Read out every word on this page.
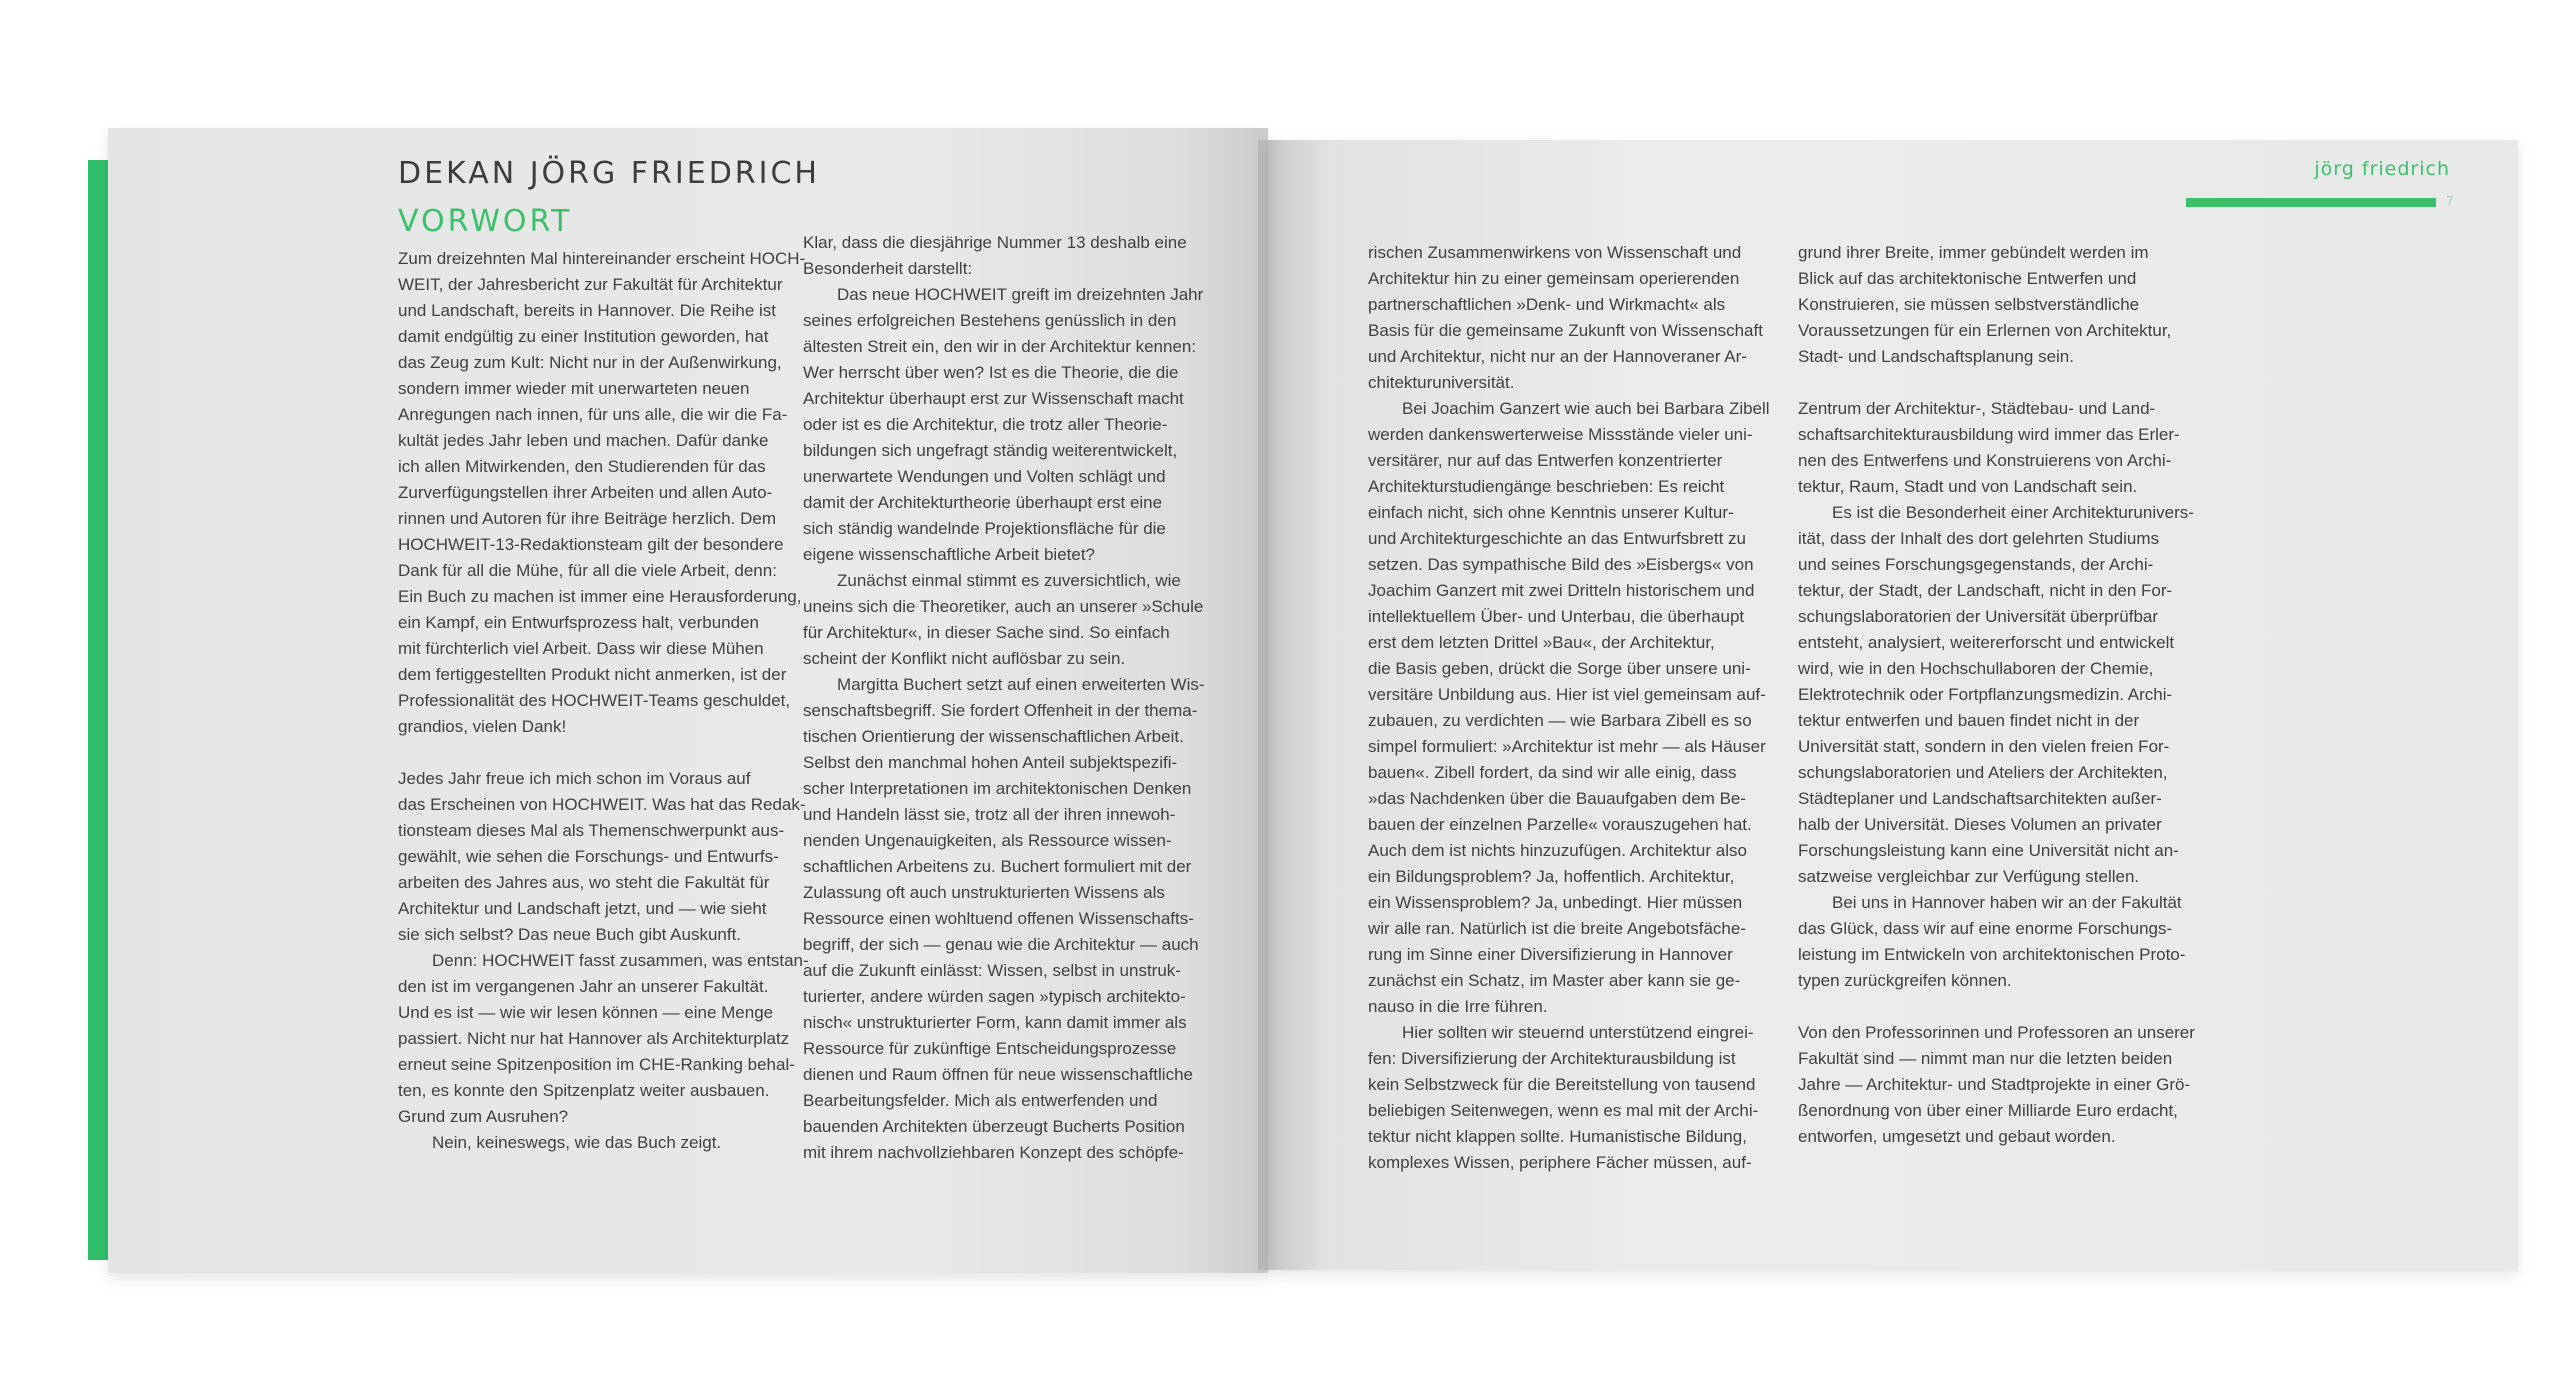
DEKAN JÖRG FRIEDRICH
VORWORT
Zum dreizehnten Mal hintereinander erscheint HOCH-
WEIT, der Jahresbericht zur Fakultät für Architektur
und Landschaft, bereits in Hannover. Die Reihe ist
damit endgültig zu einer Institution geworden, hat
das Zeug zum Kult: Nicht nur in der Außenwirkung,
sondern immer wieder mit unerwarteten neuen
Anregungen nach innen, für uns alle, die wir die Fa-
kultät jedes Jahr leben und machen. Dafür danke
ich allen Mitwirkenden, den Studierenden für das
Zurverfügungstellen ihrer Arbeiten und allen Auto-
rinnen und Autoren für ihre Beiträge herzlich. Dem
HOCHWEIT-13-Redaktionsteam gilt der besondere
Dank für all die Mühe, für all die viele Arbeit, denn:
Ein Buch zu machen ist immer eine Herausforderung,
ein Kampf, ein Entwurfsprozess halt, verbunden
mit fürchterlich viel Arbeit. Dass wir diese Mühen
dem fertiggestellten Produkt nicht anmerken, ist der
Professionalität des HOCHWEIT-Teams geschuldet,
grandios, vielen Dank!
Jedes Jahr freue ich mich schon im Voraus auf
das Erscheinen von HOCHWEIT. Was hat das Redak-
tionsteam dieses Mal als Themenschwerpunkt aus-
gewählt, wie sehen die Forschungs- und Entwurfs-
arbeiten des Jahres aus, wo steht die Fakultät für
Architektur und Landschaft jetzt, und — wie sieht
sie sich selbst? Das neue Buch gibt Auskunft.
  Denn: HOCHWEIT fasst zusammen, was entstan-
den ist im vergangenen Jahr an unserer Fakultät.
Und es ist — wie wir lesen können — eine Menge
passiert. Nicht nur hat Hannover als Architekturplatz
erneut seine Spitzenposition im CHE-Ranking behal-
ten, es konnte den Spitzenplatz weiter ausbauen.
Grund zum Ausruhen?
  Nein, keineswegs, wie das Buch zeigt.
Klar, dass die diesjährige Nummer 13 deshalb eine
Besonderheit darstellt:
  Das neue HOCHWEIT greift im dreizehnten Jahr
seines erfolgreichen Bestehens genüsslich in den
ältesten Streit ein, den wir in der Architektur kennen:
Wer herrscht über wen? Ist es die Theorie, die die
Architektur überhaupt erst zur Wissenschaft macht
oder ist es die Architektur, die trotz aller Theorie-
bildungen sich ungefragt ständig weiterentwickelt,
unerwartete Wendungen und Volten schlägt und
damit der Architekturtheorie überhaupt erst eine
sich ständig wandelnde Projektionsfläche für die
eigene wissenschaftliche Arbeit bietet?
  Zunächst einmal stimmt es zuversichtlich, wie
uneins sich die Theoretiker, auch an unserer »Schule
für Architektur«, in dieser Sache sind. So einfach
scheint der Konflikt nicht auflösbar zu sein.
  Margitta Buchert setzt auf einen erweiterten Wis-
senschaftsbegriff. Sie fordert Offenheit in der thema-
tischen Orientierung der wissenschaftlichen Arbeit.
Selbst den manchmal hohen Anteil subjektspezifi-
scher Interpretationen im architektonischen Denken
und Handeln lässt sie, trotz all der ihren innewoh-
nenden Ungenauigkeiten, als Ressource wissen-
schaftlichen Arbeitens zu. Buchert formuliert mit der
Zulassung oft auch unstrukturierten Wissens als
Ressource einen wohltuend offenen Wissenschafts-
begriff, der sich — genau wie die Architektur — auch
auf die Zukunft einlässt: Wissen, selbst in unstruk-
turierter, andere würden sagen »typisch architekto-
nisch« unstrukturierter Form, kann damit immer als
Ressource für zukünftige Entscheidungsprozesse
dienen und Raum öffnen für neue wissenschaftliche
Bearbeitungsfelder. Mich als entwerfenden und
bauenden Architekten überzeugt Bucherts Position
mit ihrem nachvollziehbaren Konzept des schöpfe-
jörg friedrich
7
rischen Zusammenwirkens von Wissenschaft und
Architektur hin zu einer gemeinsam operierenden
partnerschaftlichen »Denk- und Wirkmacht« als
Basis für die gemeinsame Zukunft von Wissenschaft
und Architektur, nicht nur an der Hannoveraner Ar-
chitekturuniversität.
  Bei Joachim Ganzert wie auch bei Barbara Zibell
werden dankenswerterweise Missstände vieler uni-
versitärer, nur auf das Entwerfen konzentrierter
Architekturstudiengänge beschrieben: Es reicht
einfach nicht, sich ohne Kenntnis unserer Kultur-
und Architekturgeschichte an das Entwurfsbrett zu
setzen. Das sympathische Bild des »Eisbergs« von
Joachim Ganzert mit zwei Dritteln historischem und
intellektuellem Über- und Unterbau, die überhaupt
erst dem letzten Drittel »Bau«, der Architektur,
die Basis geben, drückt die Sorge über unsere uni-
versitäre Unbildung aus. Hier ist viel gemeinsam auf-
zubauen, zu verdichten — wie Barbara Zibell es so
simpel formuliert: »Architektur ist mehr — als Häuser
bauen«. Zibell fordert, da sind wir alle einig, dass
»das Nachdenken über die Bauaufgaben dem Be-
bauen der einzelnen Parzelle« vorauszugehen hat.
Auch dem ist nichts hinzuzufügen. Architektur also
ein Bildungsproblem? Ja, hoffentlich. Architektur,
ein Wissensproblem? Ja, unbedingt. Hier müssen
wir alle ran. Natürlich ist die breite Angebotsfäche-
rung im Sinne einer Diversifizierung in Hannover
zunächst ein Schatz, im Master aber kann sie ge-
nauso in die Irre führen.
  Hier sollten wir steuernd unterstützend eingrei-
fen: Diversifizierung der Architekturausbildung ist
kein Selbstzweck für die Bereitstellung von tausend
beliebigen Seitenwegen, wenn es mal mit der Archi-
tektur nicht klappen sollte. Humanistische Bildung,
komplexes Wissen, periphere Fächer müssen, auf-
grund ihrer Breite, immer gebündelt werden im
Blick auf das architektonische Entwerfen und
Konstruieren, sie müssen selbstverständliche
Voraussetzungen für ein Erlernen von Architektur,
Stadt- und Landschaftsplanung sein.
Zentrum der Architektur-, Städtebau- und Land-
schaftsarchitekturausbildung wird immer das Erler-
nen des Entwerfens und Konstruierens von Archi-
tektur, Raum, Stadt und von Landschaft sein.
  Es ist die Besonderheit einer Architekturunivers-
ität, dass der Inhalt des dort gelehrten Studiums
und seines Forschungsgegenstands, der Archi-
tektur, der Stadt, der Landschaft, nicht in den For-
schungslaboratorien der Universität überprüfbar
entsteht, analysiert, weitererforscht und entwickelt
wird, wie in den Hochschullaboren der Chemie,
Elektrotechnik oder Fortpflanzungsmedizin. Archi-
tektur entwerfen und bauen findet nicht in der
Universität statt, sondern in den vielen freien For-
schungslaboratorien und Ateliers der Architekten,
Städteplaner und Landschaftsarchitekten außer-
halb der Universität. Dieses Volumen an privater
Forschungsleistung kann eine Universität nicht an-
satzweise vergleichbar zur Verfügung stellen.
  Bei uns in Hannover haben wir an der Fakultät
das Glück, dass wir auf eine enorme Forschungs-
leistung im Entwickeln von architektonischen Proto-
typen zurückgreifen können.
Von den Professorinnen und Professoren an unserer
Fakultät sind — nimmt man nur die letzten beiden
Jahre — Architektur- und Stadtprojekte in einer Grö-
ßenordnung von über einer Milliarde Euro erdacht,
entworfen, umgesetzt und gebaut worden.
